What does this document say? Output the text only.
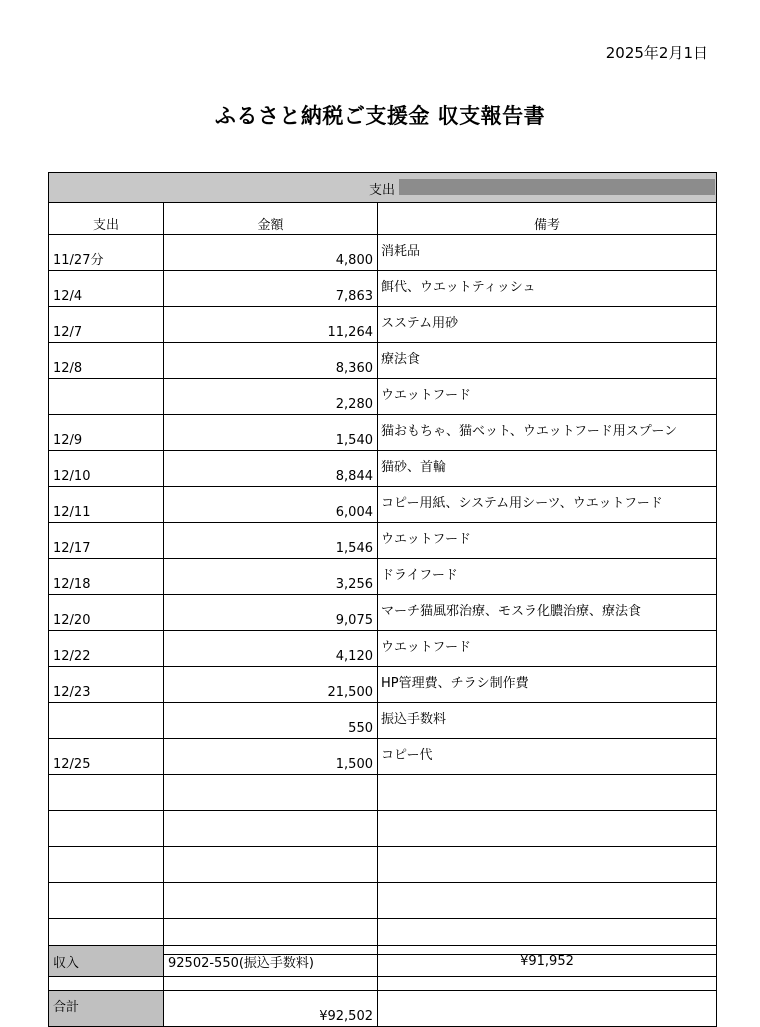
2025年2月1日
ふるさと納税ご支援金 収支報告書
支出		

支出	金額	備考
11/27分	4,800	消耗品
12/4	7,863	餌代、ウエットティッシュ
12/7	11,264	スステム用砂
12/8	8,360	療法食
	2,280	ウエットフード
12/9	1,540	猫おもちゃ、猫ベット、ウエットフード用スプーン
12/10	8,844	猫砂、首輪
12/11	6,004	コピー用紙、システム用シーツ、ウエットフード
12/17	1,546	ウエットフード
12/18	3,256	ドライフード
12/20	9,075	マーチ猫風邪治療、モスラ化膿治療、療法食
12/22	4,120	ウエットフード
12/23	21,500	HP管理費、チラシ制作費
	550	振込手数料
12/25	1,500	コピー代

合計	¥92,502	
収入	92502-550(振込手数料)	¥91,952
